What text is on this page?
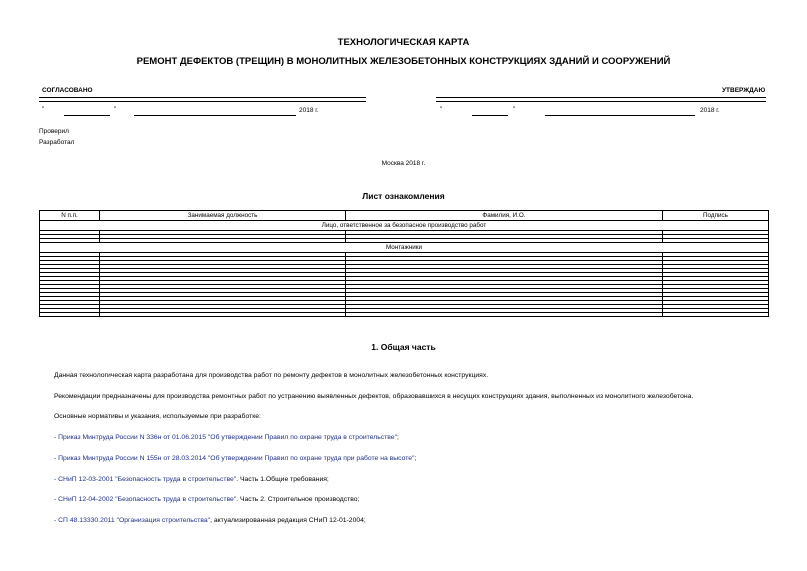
ТЕХНОЛОГИЧЕСКАЯ КАРТА
РЕМОНТ ДЕФЕКТОВ (ТРЕЩИН) В МОНОЛИТНЫХ ЖЕЛЕЗОБЕТОННЫХ КОНСТРУКЦИЯХ ЗДАНИЙ И СООРУЖЕНИЙ
СОГЛАСОВАНО
"	"	2018 г.
УТВЕРЖДАЮ
"	"	2018 г.
Проверил
Разработал
Москва 2018 г.
Лист ознакомления
N п.п.	Занимаемая должность	Фамилия, И.О.	Подпись
Лицо, ответственное за безопасное производство работ			

Монтажники			

1. Общая часть
Данная технологическая карта разработана для производства работ по ремонту дефектов в монолитных железобетонных конструкциях.
Рекомендации предназначены для производства ремонтных работ по устранению выявленных дефектов, образовавшихся в несущих конструкциях здания, выполненных из монолитного железобетона.
Основные нормативы и указания, используемые при разработке:
- Приказ Минтруда России N 336н от 01.06.2015 "Об утверждении Правил по охране труда в строительстве";
- Приказ Минтруда России N 155н от 28.03.2014 "Об утверждении Правил по охране труда при работе на высоте";
- СНиП 12-03-2001 "Безопасность труда в строительстве". Часть 1.Общие требования;
- СНиП 12-04-2002 "Безопасность труда в строительстве". Часть 2. Строительное производство;
- СП 48.13330.2011 "Организация строительства", актуализированная редакция СНиП 12-01-2004;
